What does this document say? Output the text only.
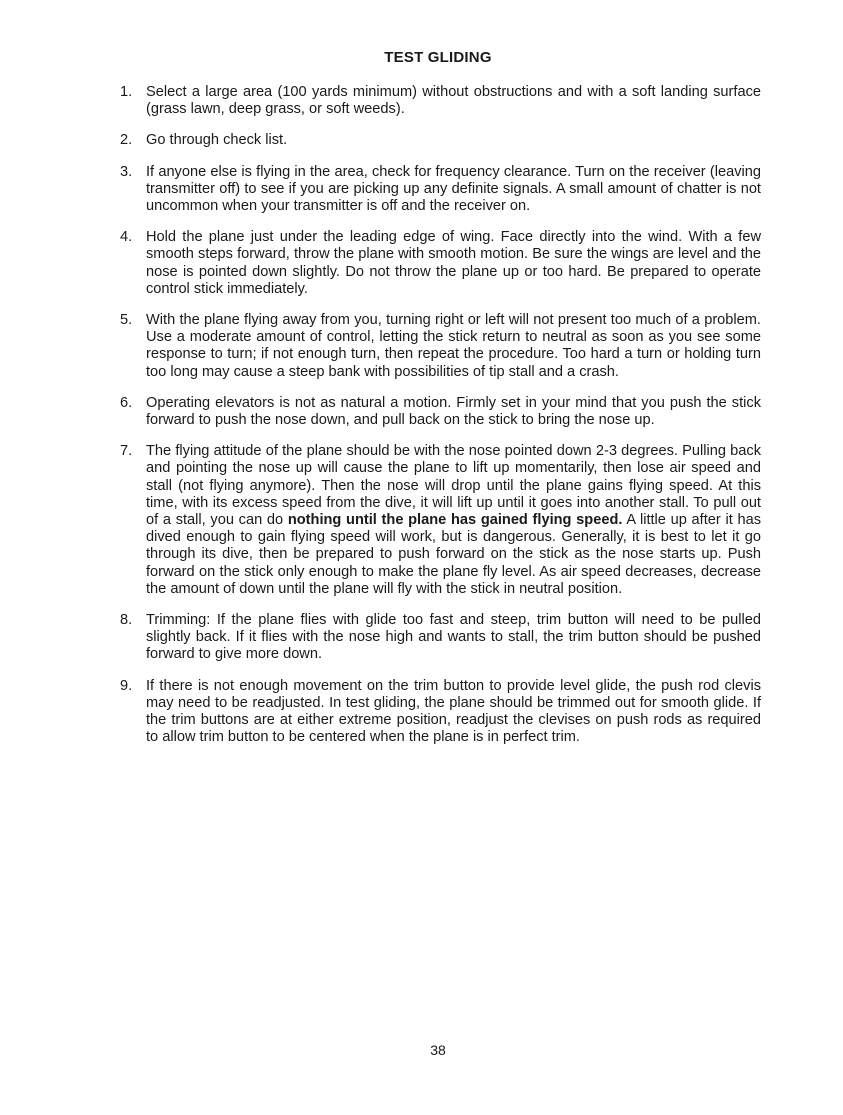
TEST GLIDING
1. Select a large area (100 yards minimum) without obstructions and with a soft landing surface (grass lawn, deep grass, or soft weeds).
2. Go through check list.
3. If anyone else is flying in the area, check for frequency clearance. Turn on the receiver (leaving transmitter off) to see if you are picking up any definite signals. A small amount of chatter is not uncommon when your transmitter is off and the receiver on.
4. Hold the plane just under the leading edge of wing. Face directly into the wind. With a few smooth steps forward, throw the plane with smooth motion. Be sure the wings are level and the nose is pointed down slightly. Do not throw the plane up or too hard. Be prepared to operate control stick immediately.
5. With the plane flying away from you, turning right or left will not present too much of a problem. Use a moderate amount of control, letting the stick return to neutral as soon as you see some response to turn; if not enough turn, then repeat the procedure. Too hard a turn or holding turn too long may cause a steep bank with possibilities of tip stall and a crash.
6. Operating elevators is not as natural a motion. Firmly set in your mind that you push the stick forward to push the nose down, and pull back on the stick to bring the nose up.
7. The flying attitude of the plane should be with the nose pointed down 2-3 degrees. Pulling back and pointing the nose up will cause the plane to lift up momentarily, then lose air speed and stall (not flying anymore). Then the nose will drop until the plane gains flying speed. At this time, with its excess speed from the dive, it will lift up until it goes into another stall. To pull out of a stall, you can do nothing until the plane has gained flying speed. A little up after it has dived enough to gain flying speed will work, but is dangerous. Generally, it is best to let it go through its dive, then be prepared to push forward on the stick as the nose starts up. Push forward on the stick only enough to make the plane fly level. As air speed decreases, decrease the amount of down until the plane will fly with the stick in neutral position.
8. Trimming: If the plane flies with glide too fast and steep, trim button will need to be pulled slightly back. If it flies with the nose high and wants to stall, the trim button should be pushed forward to give more down.
9. If there is not enough movement on the trim button to provide level glide, the push rod clevis may need to be readjusted. In test gliding, the plane should be trimmed out for smooth glide. If the trim buttons are at either extreme position, readjust the clevises on push rods as required to allow trim button to be centered when the plane is in perfect trim.
38
